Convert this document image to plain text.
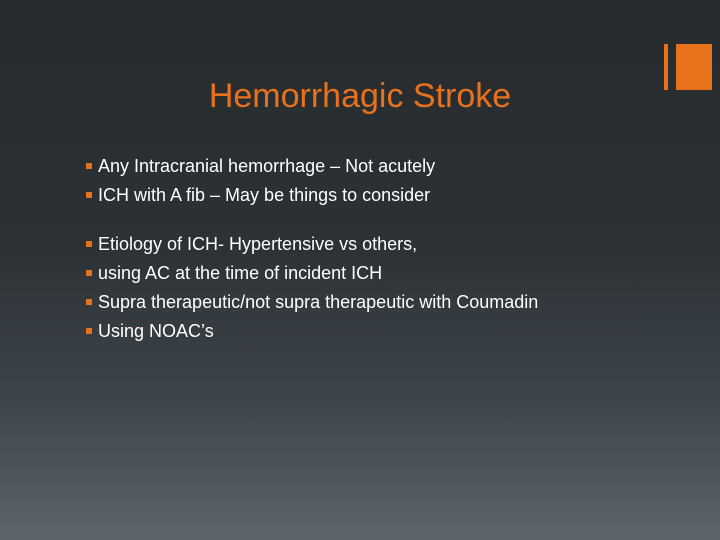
Hemorrhagic Stroke
Any Intracranial hemorrhage – Not acutely
ICH with A fib – May be things to consider
Etiology of ICH- Hypertensive vs others,
using AC at the time of incident ICH
Supra therapeutic/not supra therapeutic with Coumadin
Using NOAC’s
